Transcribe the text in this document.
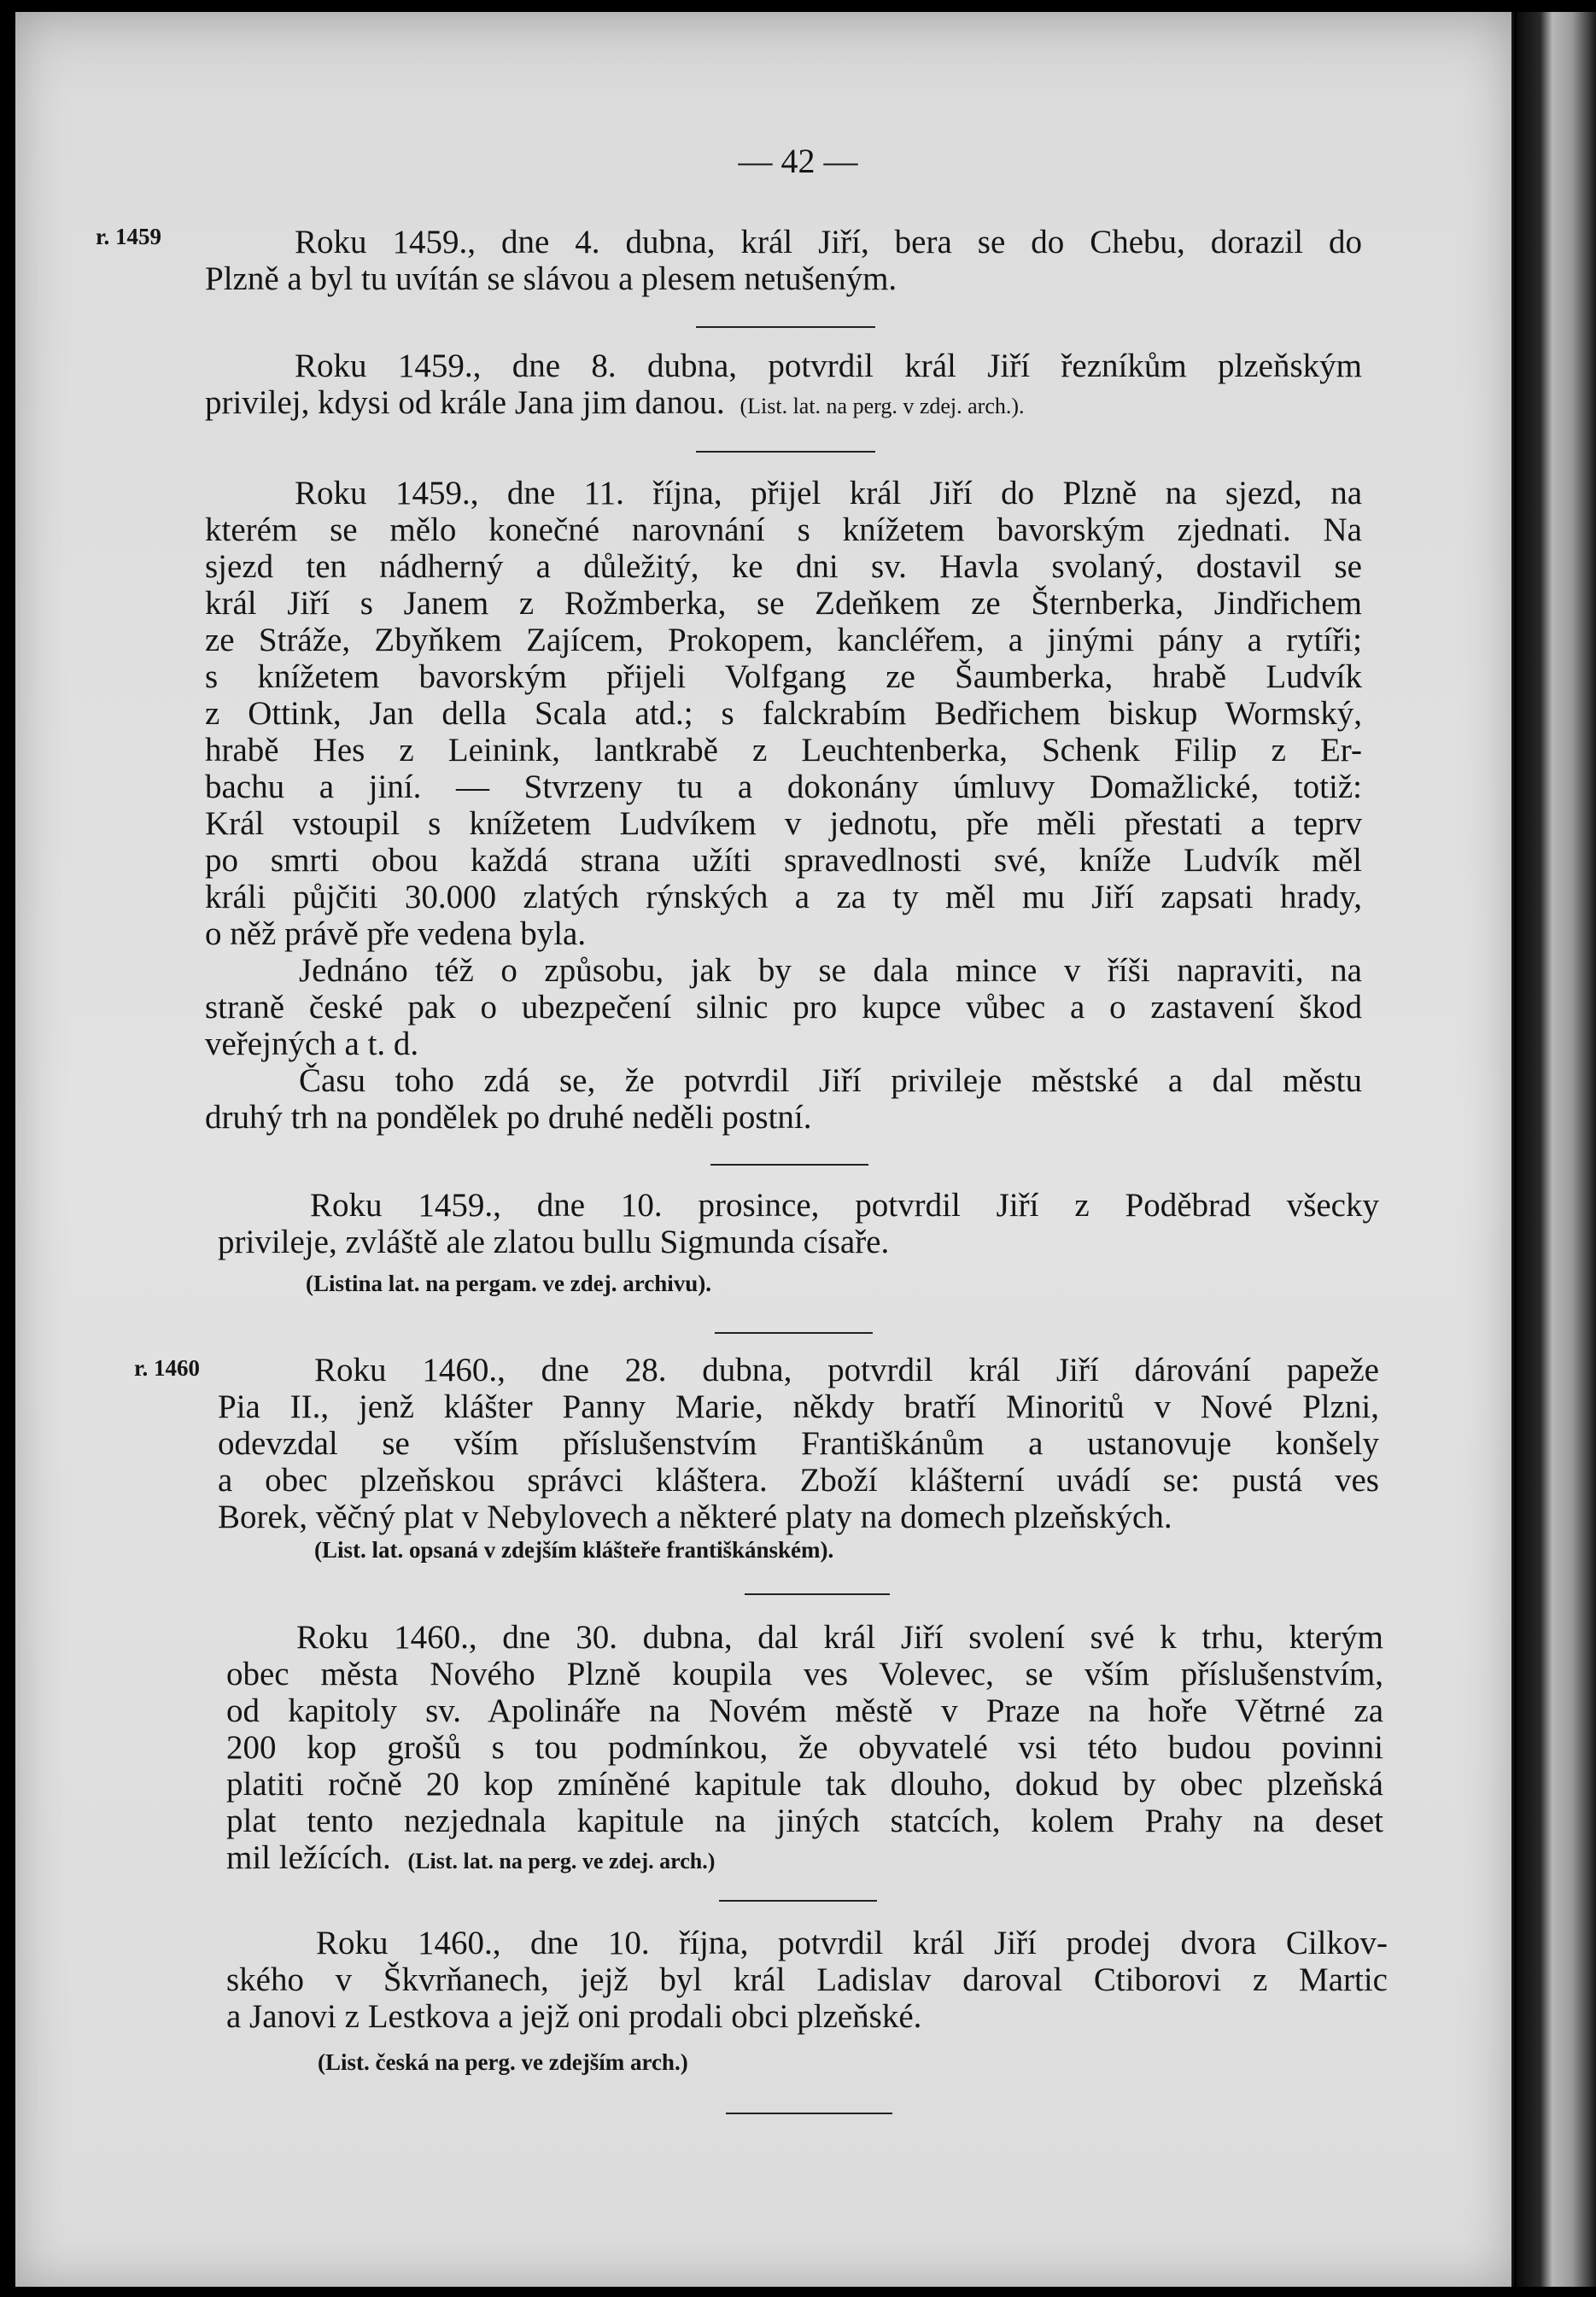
— 42 —
r. 1459
r. 1460
Roku 1459., dne 4. dubna, král Jiří, bera se do Chebu, dorazil do
Plzně a byl tu uvítán se slávou a plesem netušeným.
Roku 1459., dne 8. dubna, potvrdil král Jiří řezníkům plzeňským
privilej, kdysi od krále Jana jim danou. (List. lat. na perg. v zdej. arch.).
Roku 1459., dne 11. října, přijel král Jiří do Plzně na sjezd, na
kterém se mělo konečné narovnání s knížetem bavorským zjednati. Na
sjezd ten nádherný a důležitý, ke dni sv. Havla svolaný, dostavil se
král Jiří s Janem z Rožmberka, se Zdeňkem ze Šternberka, Jindřichem
ze Stráže, Zbyňkem Zajícem, Prokopem, kancléřem, a jinými pány a rytíři;
s knížetem bavorským přijeli Volfgang ze Šaumberka, hrabě Ludvík
z Ottink, Jan della Scala atd.; s falckrabím Bedřichem biskup Wormský,
hrabě Hes z Leinink, lantkrabě z Leuchtenberka, Schenk Filip z Er-
bachu a jiní. — Stvrzeny tu a dokonány úmluvy Domažlické, totiž:
Král vstoupil s knížetem Ludvíkem v jednotu, pře měli přestati a teprv
po smrti obou každá strana užíti spravedlnosti své, kníže Ludvík měl
králi půjčiti 30.000 zlatých rýnských a za ty měl mu Jiří zapsati hrady,
o něž právě pře vedena byla.
Jednáno též o způsobu, jak by se dala mince v říši napraviti, na
straně české pak o ubezpečení silnic pro kupce vůbec a o zastavení škod
veřejných a t. d.
Času toho zdá se, že potvrdil Jiří privileje městské a dal městu
druhý trh na pondělek po druhé neděli postní.
Roku 1459., dne 10. prosince, potvrdil Jiří z Poděbrad všecky
privileje, zvláště ale zlatou bullu Sigmunda císaře.
(Listina lat. na pergam. ve zdej. archivu).
Roku 1460., dne 28. dubna, potvrdil král Jiří dárování papeže
Pia II., jenž klášter Panny Marie, někdy bratří Minoritů v Nové Plzni,
odevzdal se vším příslušenstvím Františkánům a ustanovuje konšely
a obec plzeňskou správci kláštera. Zboží klášterní uvádí se: pustá ves
Borek, věčný plat v Nebylovech a některé platy na domech plzeňských.
(List. lat. opsaná v zdejším klášteře františkánském).
Roku 1460., dne 30. dubna, dal král Jiří svolení své k trhu, kterým
obec města Nového Plzně koupila ves Volevec, se vším příslušenstvím,
od kapitoly sv. Apolináře na Novém městě v Praze na hoře Větrné za
200 kop grošů s tou podmínkou, že obyvatelé vsi této budou povinni
platiti ročně 20 kop zmíněné kapitule tak dlouho, dokud by obec plzeňská
plat tento nezjednala kapitule na jiných statcích, kolem Prahy na deset
mil ležících. (List. lat. na perg. ve zdej. arch.)
Roku 1460., dne 10. října, potvrdil král Jiří prodej dvora Cilkov-
ského v Škvrňanech, jejž byl král Ladislav daroval Ctiborovi z Martic
a Janovi z Lestkova a jejž oni prodali obci plzeňské.
(List. česká na perg. ve zdejším arch.)
